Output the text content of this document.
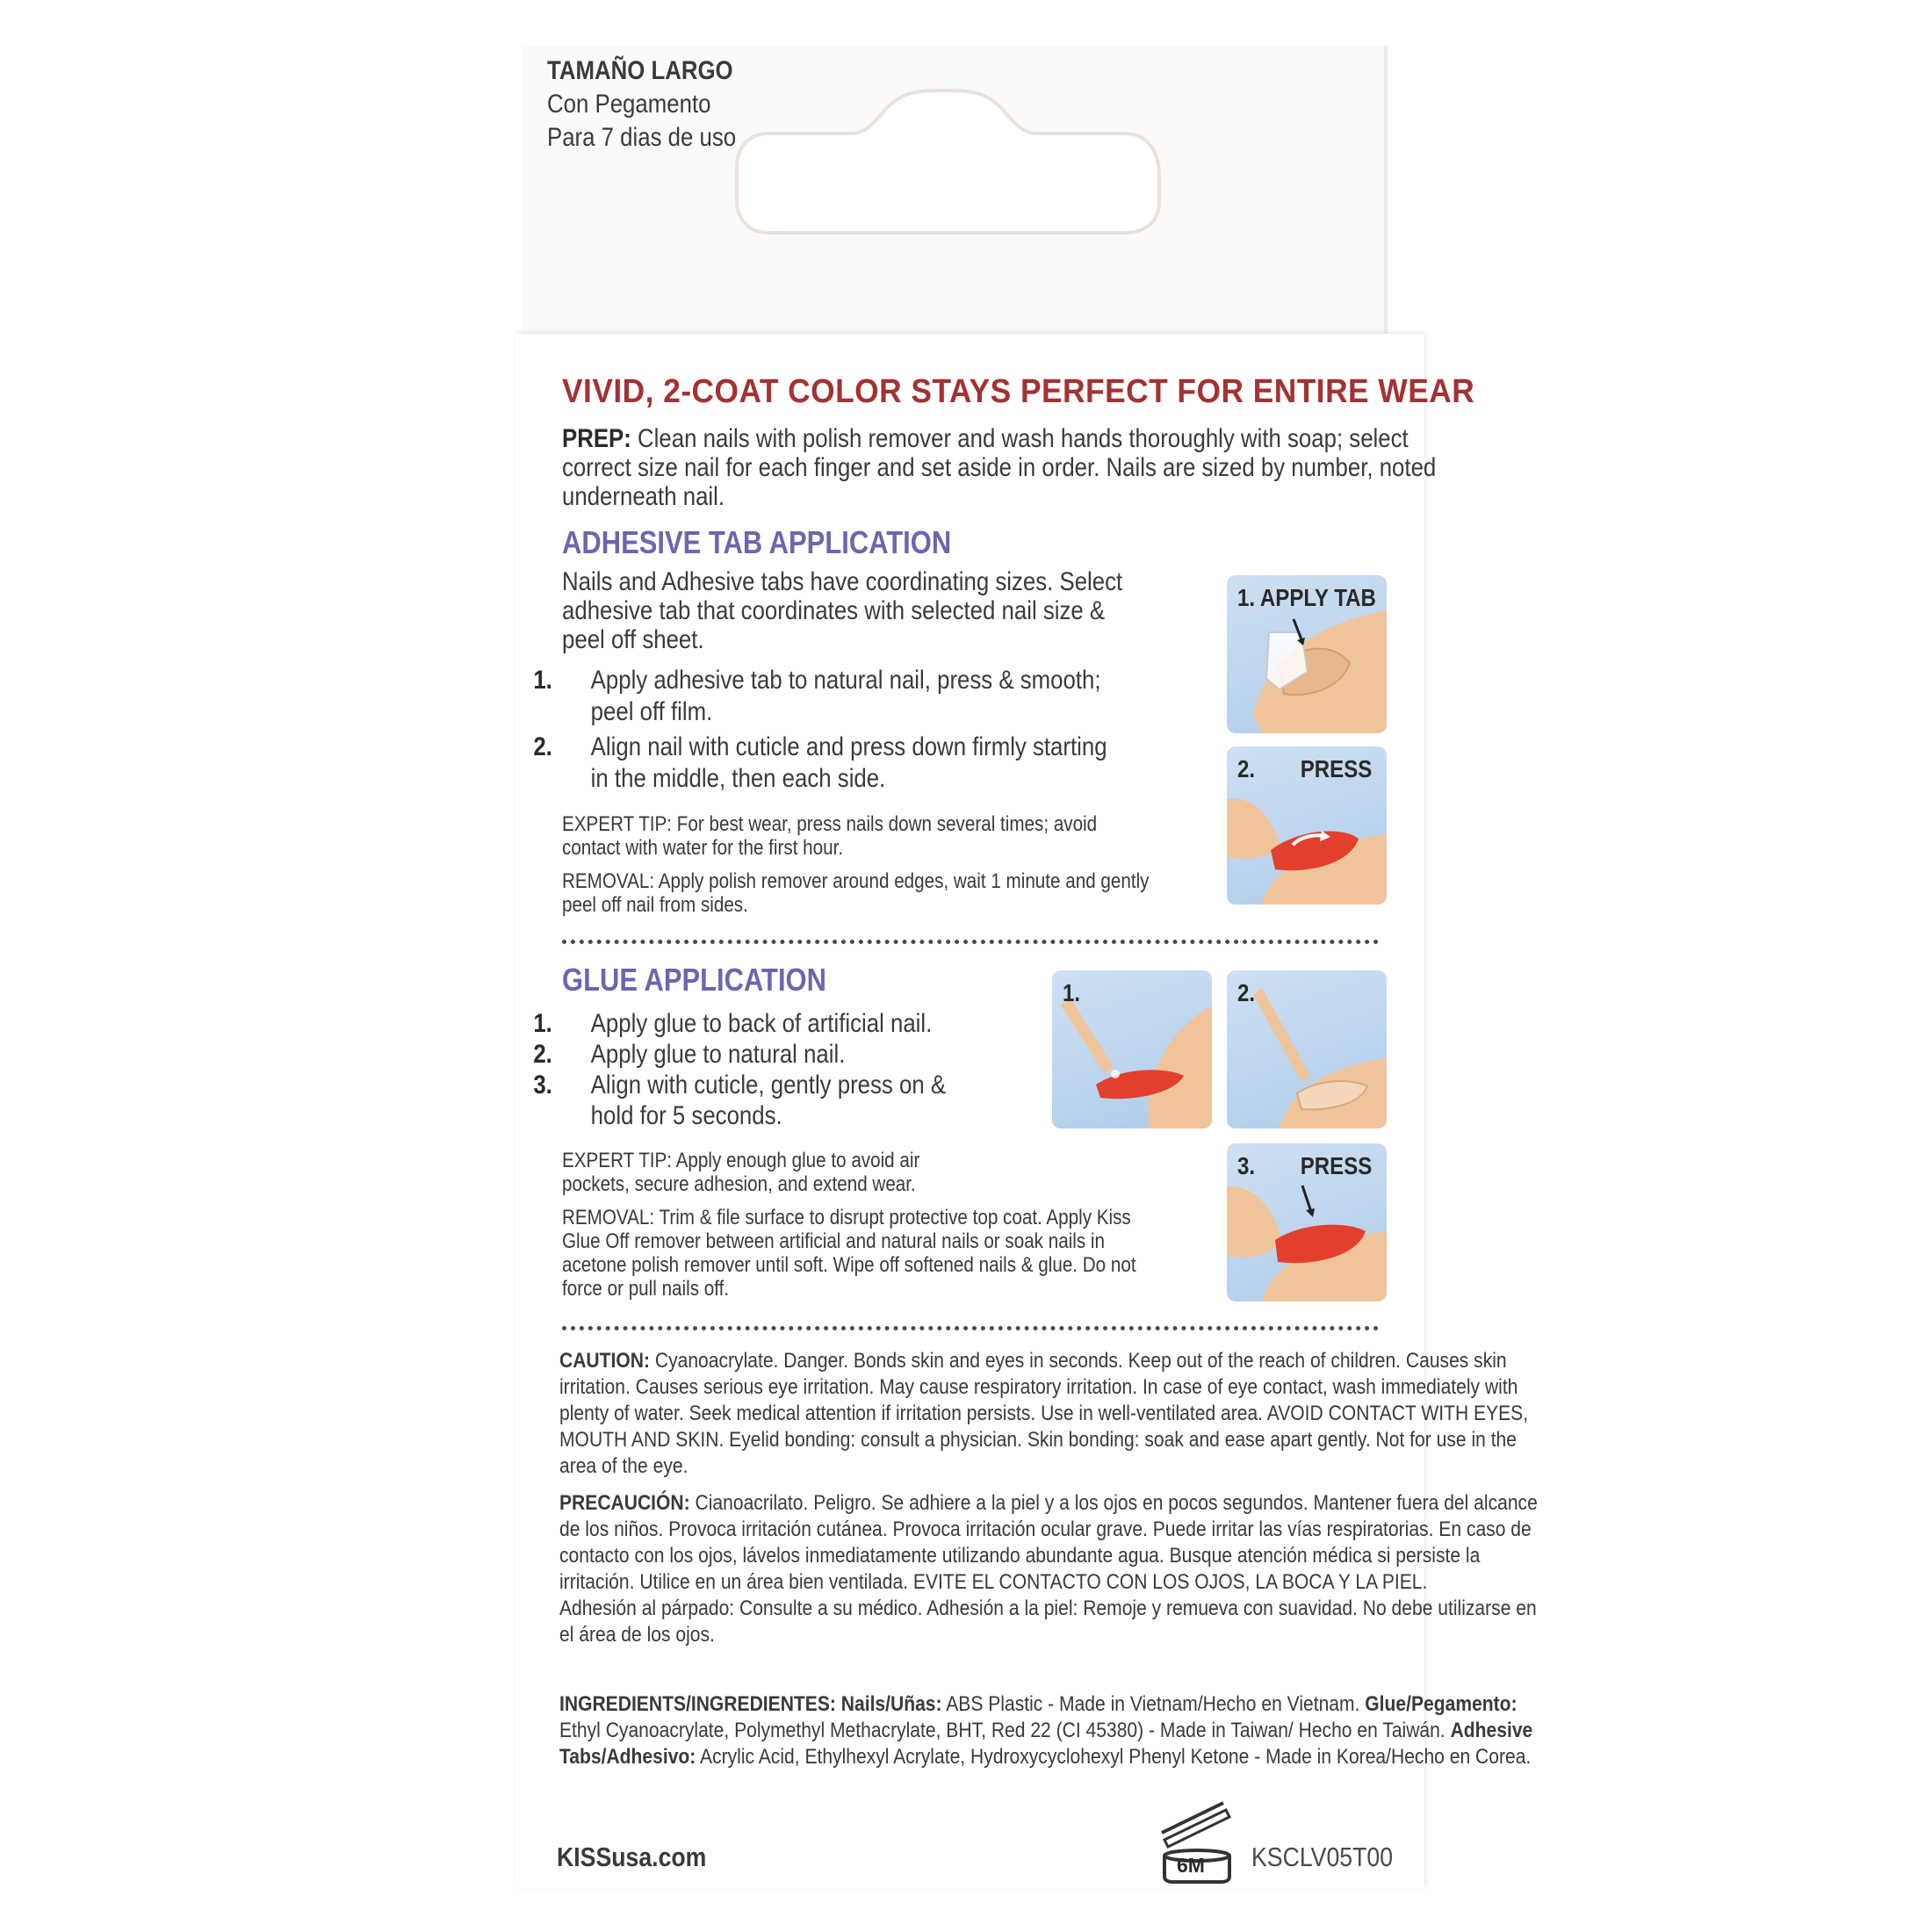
TAMAÑO LARGO
Con Pegamento
Para 7 dias de uso
VIVID, 2-COAT COLOR STAYS PERFECT FOR ENTIRE WEAR
PREP: Clean nails with polish remover and wash hands thoroughly with soap; select correct size nail for each finger and set aside in order. Nails are sized by number, noted underneath nail.
ADHESIVE TAB APPLICATION
Nails and Adhesive tabs have coordinating sizes. Select adhesive tab that coordinates with selected nail size & peel off sheet.
1. Apply adhesive tab to natural nail, press & smooth; peel off film.
2. Align nail with cuticle and press down firmly starting in the middle, then each side.
EXPERT TIP: For best wear, press nails down several times; avoid contact with water for the first hour.
REMOVAL: Apply polish remover around edges, wait 1 minute and gently peel off nail from sides.
1. APPLY TAB
2. PRESS
GLUE APPLICATION
1. Apply glue to back of artificial nail.
2. Apply glue to natural nail.
3. Align with cuticle, gently press on & hold for 5 seconds.
EXPERT TIP: Apply enough glue to avoid air pockets, secure adhesion, and extend wear.
REMOVAL: Trim & file surface to disrupt protective top coat. Apply Kiss Glue Off remover between artificial and natural nails or soak nails in acetone polish remover until soft. Wipe off softened nails & glue. Do not force or pull nails off.
1.	2.
3. PRESS
CAUTION: Cyanoacrylate. Danger. Bonds skin and eyes in seconds. Keep out of the reach of children. Causes skin irritation. Causes serious eye irritation. May cause respiratory irritation. In case of eye contact, wash immediately with plenty of water. Seek medical attention if irritation persists. Use in well-ventilated area. AVOID CONTACT WITH EYES, MOUTH AND SKIN. Eyelid bonding: consult a physician. Skin bonding: soak and ease apart gently. Not for use in the area of the eye.
PRECAUCIÓN: Cianoacrilato. Peligro. Se adhiere a la piel y a los ojos en pocos segundos. Mantener fuera del alcance de los niños. Provoca irritación cutánea. Provoca irritación ocular grave. Puede irritar las vías respiratorias. En caso de contacto con los ojos, lávelos inmediatamente utilizando abundante agua. Busque atención médica si persiste la irritación. Utilice en un área bien ventilada. EVITE EL CONTACTO CON LOS OJOS, LA BOCA Y LA PIEL.
Adhesión al párpado: Consulte a su médico. Adhesión a la piel: Remoje y remueva con suavidad. No debe utilizarse en el área de los ojos.
INGREDIENTS/INGREDIENTES: Nails/Uñas: ABS Plastic - Made in Vietnam/Hecho en Vietnam. Glue/Pegamento: Ethyl Cyanoacrylate, Polymethyl Methacrylate, BHT, Red 22 (CI 45380) - Made in Taiwan/ Hecho en Taiwán. Adhesive Tabs/Adhesivo: Acrylic Acid, Ethylhexyl Acrylate, Hydroxycyclohexyl Phenyl Ketone - Made in Korea/Hecho en Corea.
KISSusa.com	6M KSCLV05T00
